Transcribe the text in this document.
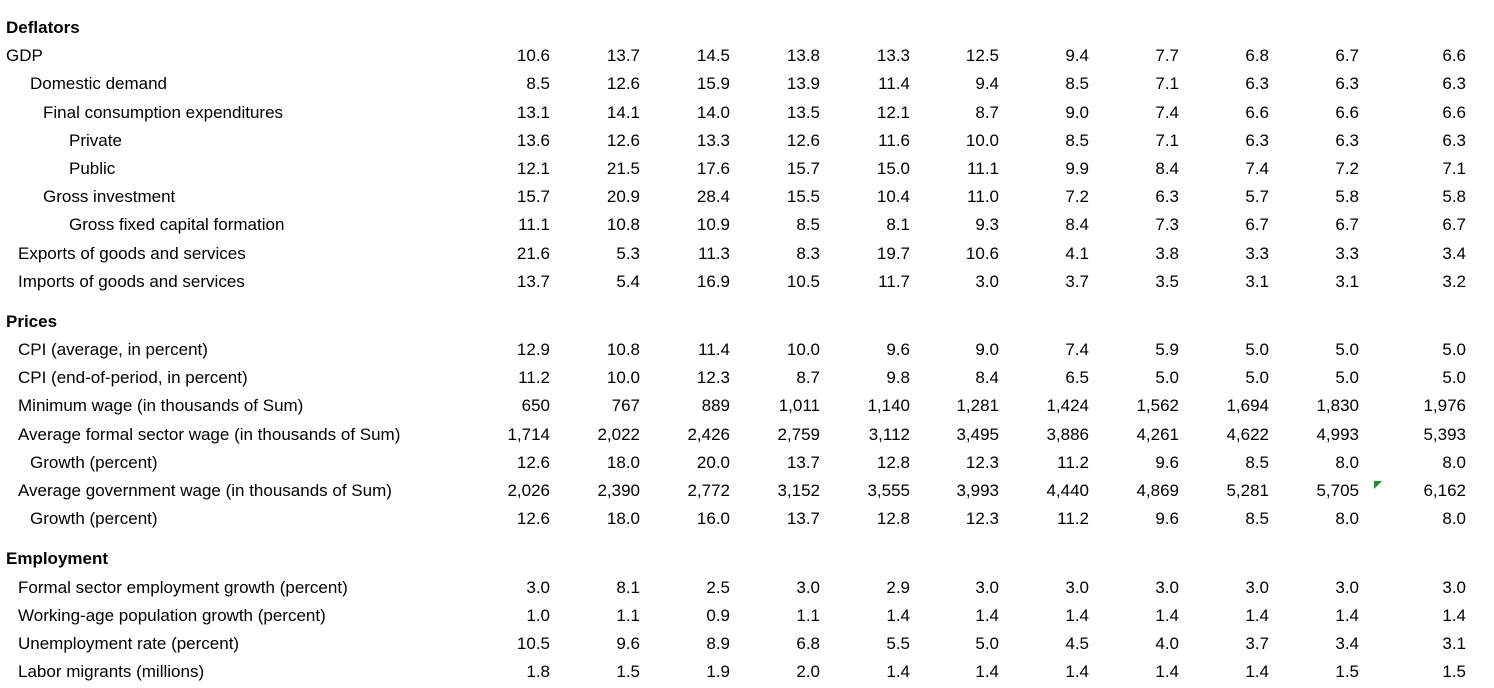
Deflators
GDP	10.6	13.7	14.5	13.8	13.3	12.5	9.4	7.7	6.8	6.7	6.6
Domestic demand	8.5	12.6	15.9	13.9	11.4	9.4	8.5	7.1	6.3	6.3	6.3
Final consumption expenditures	13.1	14.1	14.0	13.5	12.1	8.7	9.0	7.4	6.6	6.6	6.6
Private	13.6	12.6	13.3	12.6	11.6	10.0	8.5	7.1	6.3	6.3	6.3
Public	12.1	21.5	17.6	15.7	15.0	11.1	9.9	8.4	7.4	7.2	7.1
Gross investment	15.7	20.9	28.4	15.5	10.4	11.0	7.2	6.3	5.7	5.8	5.8
Gross fixed capital formation	11.1	10.8	10.9	8.5	8.1	9.3	8.4	7.3	6.7	6.7	6.7
Exports of goods and services	21.6	5.3	11.3	8.3	19.7	10.6	4.1	3.8	3.3	3.3	3.4
Imports of goods and services	13.7	5.4	16.9	10.5	11.7	3.0	3.7	3.5	3.1	3.1	3.2
Prices
CPI (average, in percent)	12.9	10.8	11.4	10.0	9.6	9.0	7.4	5.9	5.0	5.0	5.0
CPI (end-of-period, in percent)	11.2	10.0	12.3	8.7	9.8	8.4	6.5	5.0	5.0	5.0	5.0
Minimum wage (in thousands of Sum)	650	767	889	1,011	1,140	1,281	1,424	1,562	1,694	1,830	1,976
Average formal sector wage (in thousands of Sum)	1,714	2,022	2,426	2,759	3,112	3,495	3,886	4,261	4,622	4,993	5,393
Growth (percent)	12.6	18.0	20.0	13.7	12.8	12.3	11.2	9.6	8.5	8.0	8.0
Average government wage (in thousands of Sum)	2,026	2,390	2,772	3,152	3,555	3,993	4,440	4,869	5,281	5,705	6,162
Growth (percent)	12.6	18.0	16.0	13.7	12.8	12.3	11.2	9.6	8.5	8.0	8.0
Employment
Formal sector employment growth (percent)	3.0	8.1	2.5	3.0	2.9	3.0	3.0	3.0	3.0	3.0	3.0
Working-age population growth (percent)	1.0	1.1	0.9	1.1	1.4	1.4	1.4	1.4	1.4	1.4	1.4
Unemployment rate (percent)	10.5	9.6	8.9	6.8	5.5	5.0	4.5	4.0	3.7	3.4	3.1
Labor migrants (millions)	1.8	1.5	1.9	2.0	1.4	1.4	1.4	1.4	1.4	1.5	1.5
